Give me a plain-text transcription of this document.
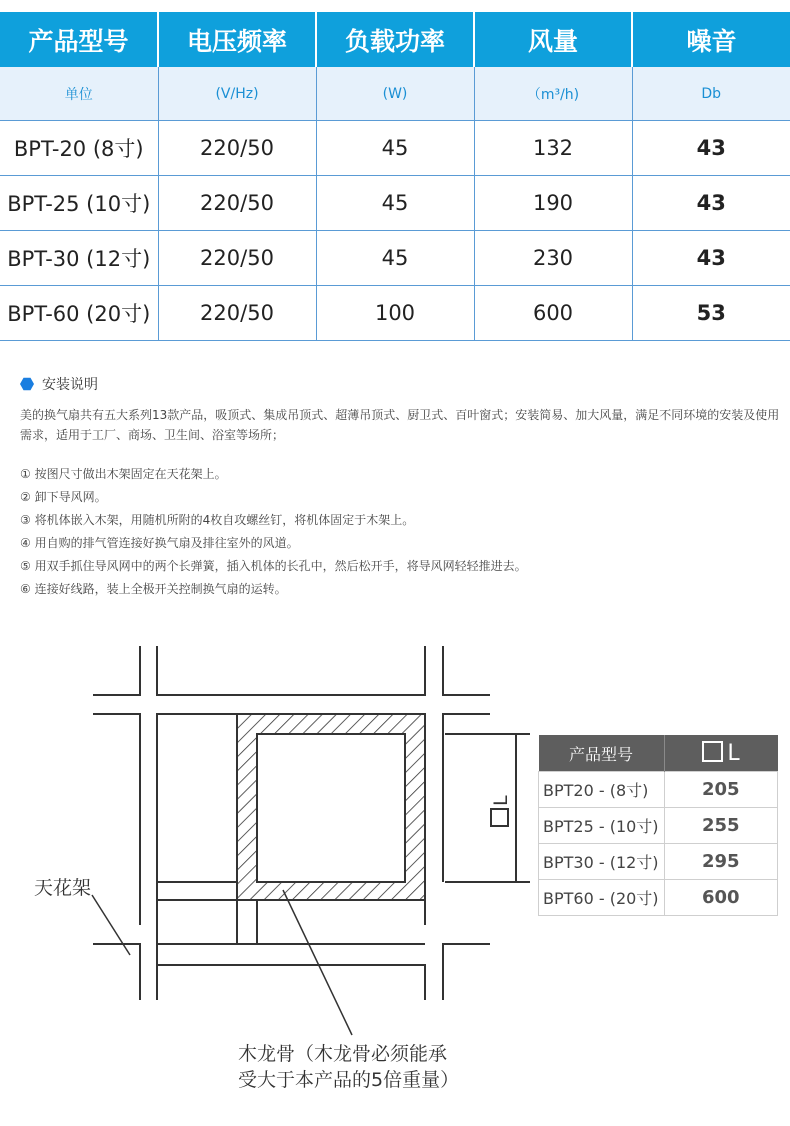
产品型号	电压频率	负载功率	风量	噪音
单位	(V/Hz)	(W)	（m³/h)	Db
BPT-20 (8寸)	220/50	45	132	43
BPT-25 (10寸)	220/50	45	190	43
BPT-30 (12寸)	220/50	45	230	43
BPT-60 (20寸)	220/50	100	600	53
安装说明
美的换气扇共有五大系列13款产品，吸顶式、集成吊顶式、超薄吊顶式、厨卫式、百叶窗式；安装简易、加大风量，满足不同环境的安装及使用需求，适用于工厂、商场、卫生间、浴室等场所；
① 按图尺寸做出木架固定在天花架上。
② 卸下导风网。
③ 将机体嵌入木架，用随机所附的4枚自攻螺丝钉，将机体固定于木架上。
④ 用自购的排气管连接好换气扇及排往室外的风道。
⑤ 用双手抓住导风网中的两个长弹簧，插入机体的长孔中，然后松开手，将导风网轻轻推进去。
⑥ 连接好线路，装上全极开关控制换气扇的运转。
天花架
木龙骨（木龙骨必须能承
受大于本产品的5倍重量）
L
产品型号	L
BPT20 - (8寸)	205
BPT25 - (10寸)	255
BPT30 - (12寸)	295
BPT60 - (20寸)	600
